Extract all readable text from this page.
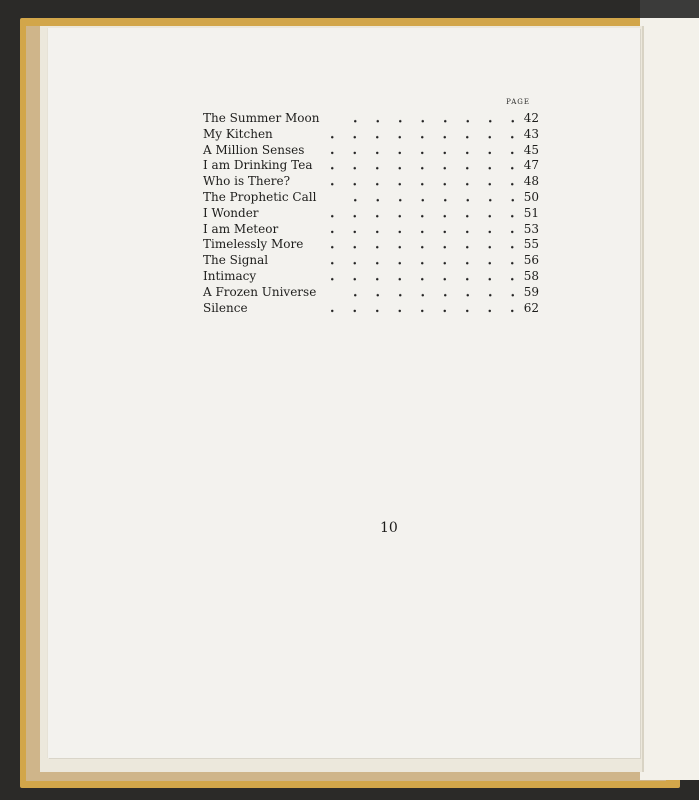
PAGE
The Summer Moon	42
My Kitchen	43
A Million Senses	45
I am Drinking Tea	47
Who is There?	48
The Prophetic Call	50
I Wonder	51
I am Meteor	53
Timelessly More	55
The Signal	56
Intimacy	58
A Frozen Universe	59
Silence	62
10
